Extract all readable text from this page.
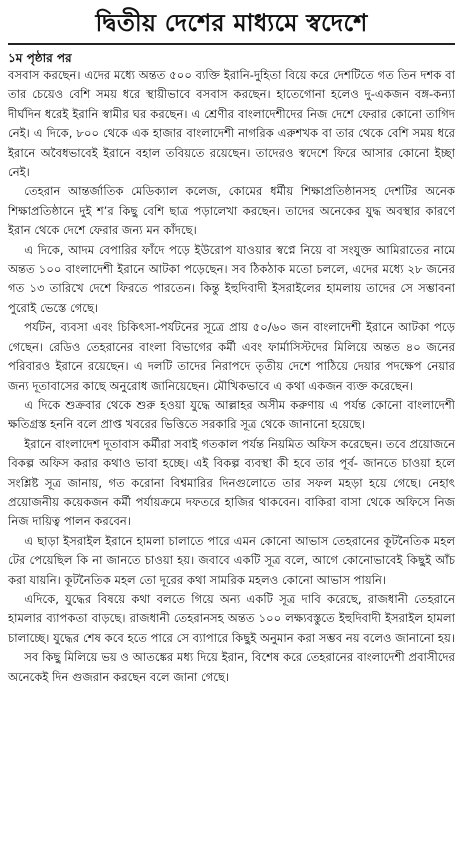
দ্বিতীয় দেশের মাধ্যমে স্বদেশে

১ম পৃষ্ঠার পর

বসবাস করছেন। এদের মধ্যে অন্তত ৫০০ ব্যক্তি ইরানি-দুহিতা বিয়ে করে দেশটিতে গত তিন দশক বা তার চেয়েও বেশি সময় ধরে স্থায়ীভাবে বসবাস করছেন। হাতেগোনা হলেও দু-একজন বঙ্গ-কন্যা দীর্ঘদিন ধরেই ইরানি স্বামীর ঘর করছেন। এ শ্রেণীর বাংলাদেশীদের নিজ দেশে ফেরার কোনো তাগিদ নেই। এ দিকে, ৮০০ থেকে এক হাজার বাংলাদেশী নাগরিক এরুশখক বা তার থেকে বেশি সময় ধরে ইরানে অবৈধভাবেই ইরানে বহাল তবিয়তে রয়েছেন। তাদেরও স্বদেশে ফিরে আসার কোনো ইচ্ছা নেই।

তেহরান আন্তর্জাতিক মেডিক্যাল কলেজ, কোমের ধর্মীয় শিক্ষাপ্রতিষ্ঠানসহ দেশটির অনেক শিক্ষাপ্রতিষ্ঠানে দুই শ’র কিছু বেশি ছাত্র পড়ালেখা করছেন। তাদের অনেকের যুদ্ধ অবস্থার কারণে ইরান থেকে দেশে ফেরার জন্য মন কাঁদছে।

এ দিকে, আদম বেপারির ফাঁদে পড়ে ইউরোপ যাওয়ার স্বপ্নে নিয়ে বা সংযুক্ত আমিরাতের নামে অন্তত ১০০ বাংলাদেশী ইরানে আটকা পড়েছেন। সব ঠিকঠাক মতো চললে, এদের মধ্যে ২৮ জনের গত ১৩ তারিখে দেশে ফিরতে পারতেন। কিন্তু ইহুদিবাদী ইসরাইলের হামলায় তাদের সে সম্ভাবনা পুরোই ভেস্তে গেছে।

পর্যটন, ব্যবসা এবং চিকিৎসা-পর্যটনের সূত্রে প্রায় ৫০/৬০ জন বাংলাদেশী ইরানে আটকা পড়ে গেছেন। রেডিও তেহরানের বাংলা বিভাগের কর্মী এবং ফার্মাসিস্টদের মিলিয়ে অন্তত ৪০ জনের পরিবারও ইরানে রয়েছেন। এ দলটি তাদের নিরাপদে তৃতীয় দেশে পাঠিয়ে দেয়ার পদক্ষেপ নেয়ার জন্য দূতাবাসের কাছে অনুরোধ জানিয়েছেন। মৌখিকভাবে এ কথা একজন ব্যক্ত করেছেন।

এ দিকে শুক্রবার থেকে শুরু হওয়া যুদ্ধে আল্লাহর অসীম করুণায় এ পর্যন্ত কোনো বাংলাদেশী ক্ষতিগ্রস্ত হননি বলে প্রাপ্ত খবরের ভিত্তিতে সরকারি সূত্র থেকে জানানো হয়েছে।

ইরানে বাংলাদেশ দূতাবাস কর্মীরা সবাই গতকাল পর্যন্ত নিয়মিত অফিস করেছেন। তবে প্রয়োজনে বিকল্প অফিস করার কথাও ভাবা হচ্ছে। এই বিকল্প ব্যবস্থা কী হবে তার পূর্ব- জানতে চাওয়া হলে সংশ্লিষ্ট সূত্র জানায়, গত করোনা বিশ্বমারির দিনগুলোতে তার সফল মহড়া হয়ে গেছে। নেহাৎ প্রয়োজনীয় কয়েকজন কর্মী পর্যায়ক্রমে দফতরে হাজির থাকবেন। বাকিরা বাসা থেকে অফিসে নিজ নিজ দায়িত্ব পালন করবেন।

এ ছাড়া ইসরাইল ইরানে হামলা চালাতে পারে এমন কোনো আভাস তেহরানের কূটনৈতিক মহল টের পেয়েছিল কি না জানতে চাওয়া হয়। জবাবে একটি সূত্র বলে, আগে কোনোভাবেই কিছুই আঁচ করা যায়নি। কূটনৈতিক মহল তো দূরের কথা সামরিক মহলও কোনো আভাস পায়নি।

এদিকে, যুদ্ধের বিষয়ে কথা বলতে গিয়ে অন্য একটি সূত্র দাবি করেছে, রাজধানী তেহরানে হামলার ব্যাপকতা বাড়ছে। রাজধানী তেহরানসহ অন্তত ১০০ লক্ষ্যবস্তুতে ইহুদিবাদী ইসরাইল হামলা চালাচ্ছে। যুদ্ধের শেষ কবে হতে পারে সে ব্যাপারে কিছুই অনুমান করা সম্ভব নয় বলেও জানানো হয়।

সব কিছু মিলিয়ে ভয় ও আতঙ্কের মধ্য দিয়ে ইরান, বিশেষ করে তেহরানের বাংলাদেশী প্রবাসীদের অনেকেই দিন গুজরান করছেন বলে জানা গেছে।
